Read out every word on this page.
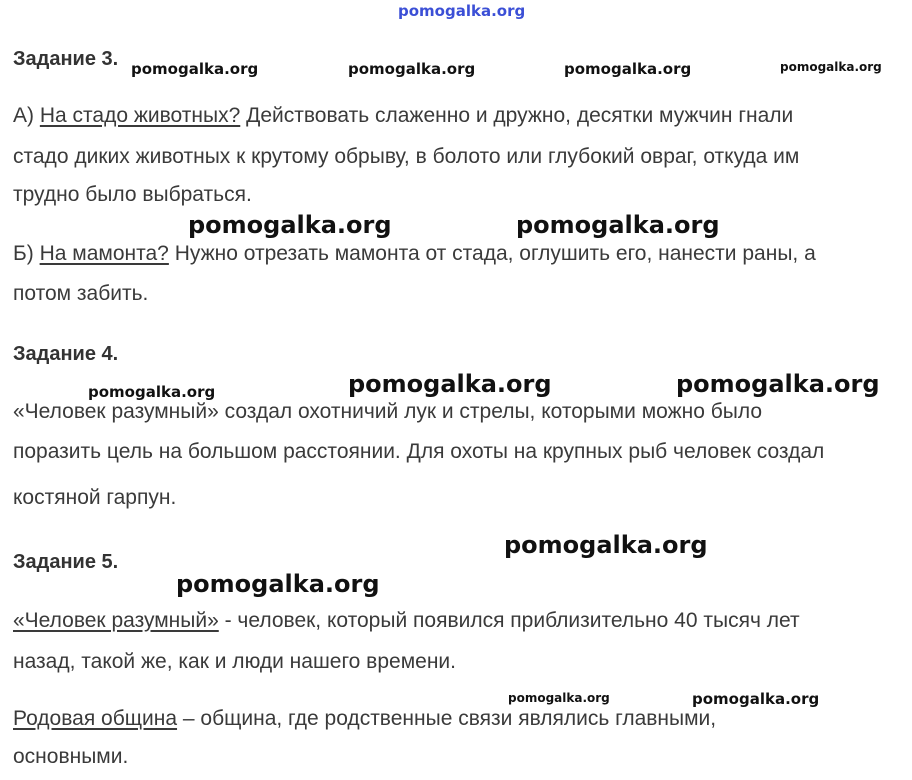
pomogalka.org
Задание 3. pomogalka.org	pomogalka.org	pomogalka.org	pomogalka.org
А) На стадо животных? Действовать слаженно и дружно, десятки мужчин гнали
стадо диких животных к крутому обрыву, в болото или глубокий овраг, откуда им
трудно было выбраться.
pomogalka.org	pomogalka.org
Б) На мамонта? Нужно отрезать мамонта от стада, оглушить его, нанести раны, а
потом забить.
Задание 4.
pomogalka.org	pomogalka.org	pomogalka.org
«Человек разумный» создал охотничий лук и стрелы, которыми можно было
поразить цель на большом расстоянии. Для охоты на крупных рыб человек создал
костяной гарпун.
Задание 5.
pomogalka.org
pomogalka.org
«Человек разумный» - человек, который появился приблизительно 40 тысяч лет
назад, такой же, как и люди нашего времени.
pomogalka.org	pomogalka.org
Родовая община – община, где родственные связи являлись главными,
основными.
